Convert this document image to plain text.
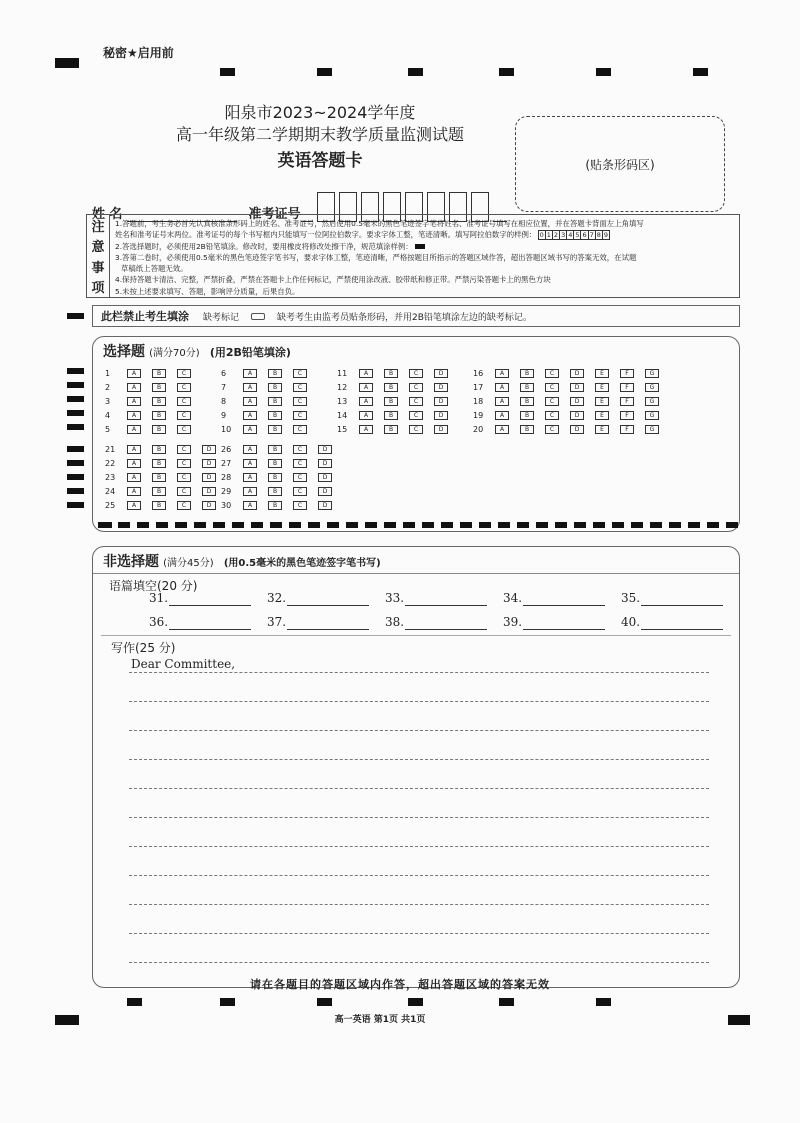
秘密★启用前
阳泉市2023~2024学年度
高一年级第二学期期末教学质量监测试题
英语答题卡	(贴条形码区)
姓 名	准考证号
注
意
事
项
1.答题前，考生务必首先认真核准条形码上的姓名、准考证号，然后使用0.5毫米的黑色笔迹签字笔将姓名、准考证号填写在相应位置，并在答题卡背面左上角填写
姓名和准考证号末两位。准考证号的每个书写框内只能填写一位阿拉伯数字。要求字体工整，笔迹清晰。填写阿拉伯数字的样例： 0 1 2 3 4 5 6 7 8 9
2.答选择题时，必须使用2B铅笔填涂。修改时，要用橡皮将修改处擦干净，规范填涂样例：
3.答第二卷时，必须使用0.5毫米的黑色笔迹签字笔书写，要求字体工整，笔迹清晰，严格按题目所指示的答题区域作答，超出答题区域书写的答案无效，在试题
草稿纸上答题无效。
4.保持答题卡清洁、完整，严禁折叠，严禁在答题卡上作任何标记，严禁使用涂改液、胶带纸和修正带。严禁污染答题卡上的黑色方块
5.未按上述要求填写、答题，影响评分质量，后果自负。
此栏禁止考生填涂 缺考标记	缺考考生由监考员贴条形码，并用2B铅笔填涂左边的缺考标记。
选择题 (满分70分) (用2B铅笔填涂)
1	A	B	C
2	A	B	C
3	A	B	C
4	A	B	C
5	A	B	C
6	A	B	C
7	A	B	C
8	A	B	C
9	A	B	C
10	A	B	C
11	A	B	C	D
12	A	B	C	D
13	A	B	C	D
14	A	B	C	D
15	A	B	C	D
16	A	B	C	D	E	F	G
17	A	B	C	D	E	F	G
18	A	B	C	D	E	F	G
19	A	B	C	D	E	F	G
20	A	B	C	D	E	F	G
21	A	B	C	D
22	A	B	C	D
23	A	B	C	D
24	A	B	C	D
25	A	B	C	D
26	A	B	C	D
27	A	B	C	D
28	A	B	C	D
29	A	B	C	D
30	A	B	C	D
非选择题 (满分45分) (用0.5毫米的黑色笔迹签字笔书写)
语篇填空(20 分)
31.	32.	33.	34.	35.
36.	37.	38.	39.	40.
写作(25 分)
Dear Committee,
请在各题目的答题区域内作答，超出答题区域的答案无效
高一英语 第1页 共1页
